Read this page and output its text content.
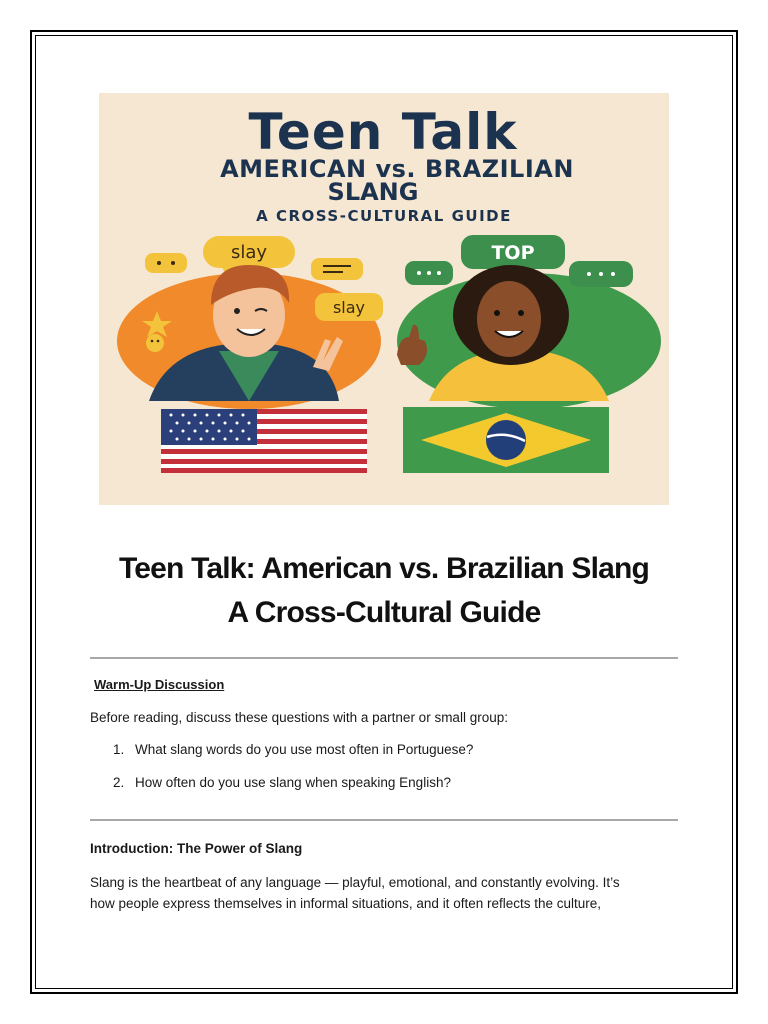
Teen Talk
AMERICAN vs. BRAZILIAN
SLANG
A CROSS-CULTURAL GUIDE
slay
slay
TOP
Teen Talk: American vs. Brazilian Slang
A Cross-Cultural Guide
Warm-Up Discussion
Before reading, discuss these questions with a partner or small group:
1. What slang words do you use most often in Portuguese?
2. How often do you use slang when speaking English?
Introduction: The Power of Slang
Slang is the heartbeat of any language — playful, emotional, and constantly evolving. It’s
how people express themselves in informal situations, and it often reflects the culture,
